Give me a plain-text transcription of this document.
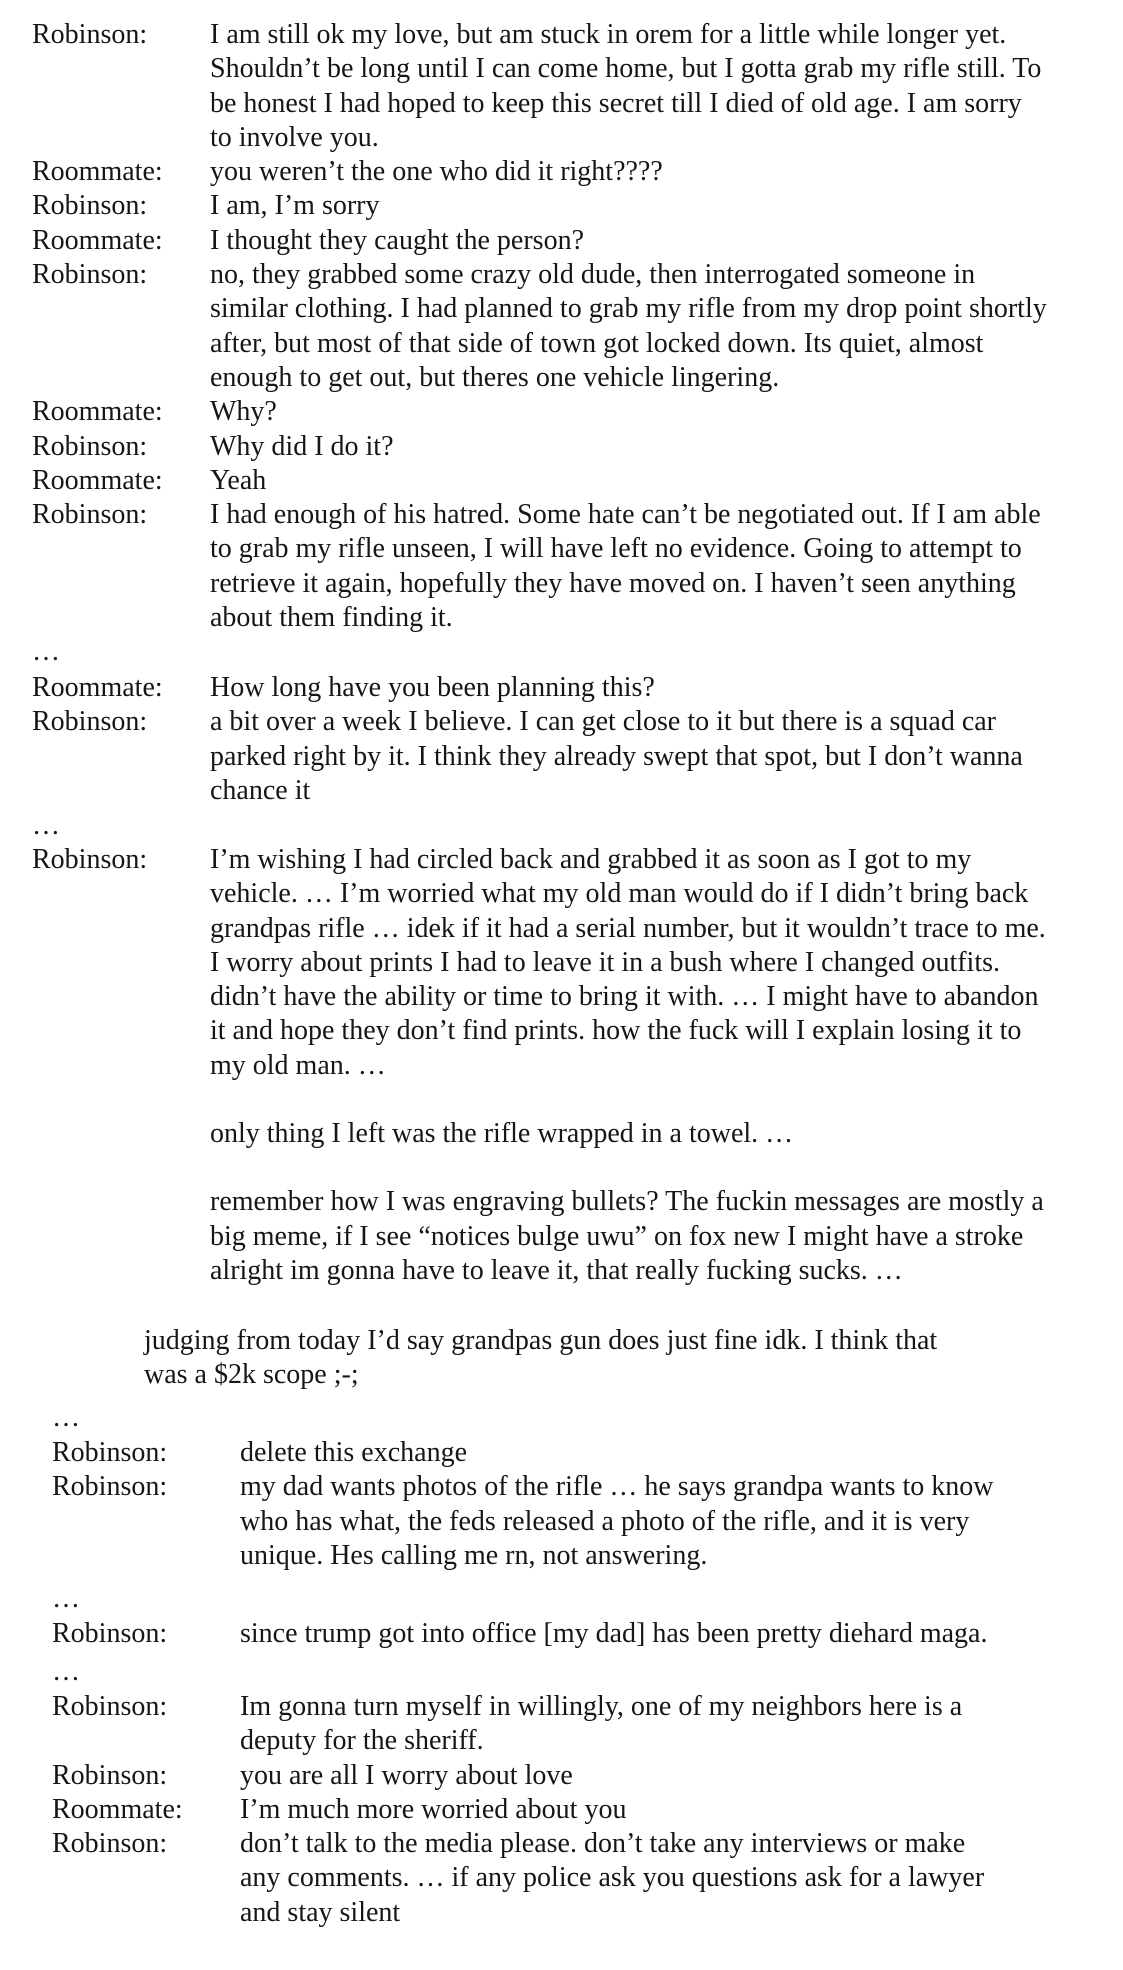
Robinson: I am still ok my love, but am stuck in orem for a little while longer yet.
Shouldn’t be long until I can come home, but I gotta grab my rifle still. To
be honest I had hoped to keep this secret till I died of old age. I am sorry
to involve you.
Roommate: you weren’t the one who did it right????
Robinson: I am, I’m sorry
Roommate: I thought they caught the person?
Robinson: no, they grabbed some crazy old dude, then interrogated someone in
similar clothing. I had planned to grab my rifle from my drop point shortly
after, but most of that side of town got locked down. Its quiet, almost
enough to get out, but theres one vehicle lingering.
Roommate: Why?
Robinson: Why did I do it?
Roommate: Yeah
Robinson: I had enough of his hatred. Some hate can’t be negotiated out. If I am able
to grab my rifle unseen, I will have left no evidence. Going to attempt to
retrieve it again, hopefully they have moved on. I haven’t seen anything
about them finding it.
…
Roommate: How long have you been planning this?
Robinson: a bit over a week I believe. I can get close to it but there is a squad car
parked right by it. I think they already swept that spot, but I don’t wanna
chance it
…
Robinson: I’m wishing I had circled back and grabbed it as soon as I got to my
vehicle. … I’m worried what my old man would do if I didn’t bring back
grandpas rifle … idek if it had a serial number, but it wouldn’t trace to me.
I worry about prints I had to leave it in a bush where I changed outfits.
didn’t have the ability or time to bring it with. … I might have to abandon
it and hope they don’t find prints. how the fuck will I explain losing it to
my old man. …
only thing I left was the rifle wrapped in a towel. …
remember how I was engraving bullets? The fuckin messages are mostly a
big meme, if I see “notices bulge uwu” on fox new I might have a stroke
alright im gonna have to leave it, that really fucking sucks. …
judging from today I’d say grandpas gun does just fine idk. I think that
was a $2k scope ;-;
…
Robinson:	delete this exchange
Robinson:	my dad wants photos of the rifle … he says grandpa wants to know
who has what, the feds released a photo of the rifle, and it is very
unique. Hes calling me rn, not answering.
…
Robinson:	since trump got into office [my dad] has been pretty diehard maga.
…
Robinson:	Im gonna turn myself in willingly, one of my neighbors here is a
deputy for the sheriff.
Robinson:	you are all I worry about love
Roommate: I’m much more worried about you
Robinson:	don’t talk to the media please. don’t take any interviews or make
any comments. … if any police ask you questions ask for a lawyer
and stay silent
